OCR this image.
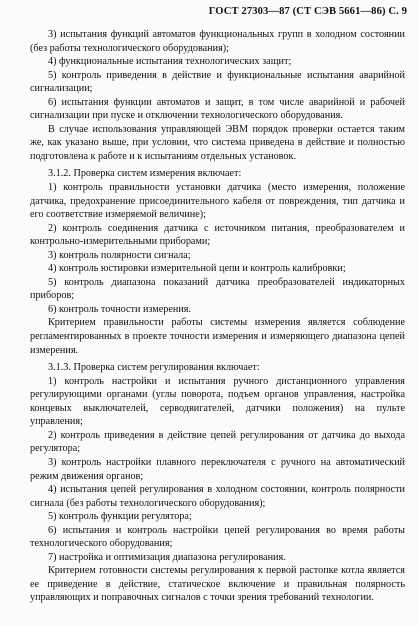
ГОСТ 27303—87 (СТ СЭВ 5661—86) С. 9

3) испытания функций автоматов функциональных групп в холодном состоянии (без работы технологического оборудования);

4) функциональные испытания технологических защит;

5) контроль приведения в действие и функциональные испытания аварийной сигнализации;

6) испытания функции автоматов и защит, в том числе аварийной и рабочей сигнализации при пуске и отключении технологического оборудования.

В случае использования управляющей ЭВМ порядок проверки остается таким же, как указано выше, при условии, что система приведена в действие и полностью подготовлена к работе и к испытаниям отдельных установок.

3.1.2. Проверка систем измерения включает:

1) контроль правильности установки датчика (место измерения, положение датчика, предохранение присоединительного кабеля от повреждения, тип датчика и его соответствие измеряемой величине);

2) контроль соединения датчика с источником питания, преобразователем и контрольно-измерительными приборами;

3) контроль полярности сигнала;

4) контроль юстировки измерительной цепи и контроль калибровки;

5) контроль диапазона показаний датчика преобразователей индикаторных приборов;

6) контроль точности измерения.

Критерием правильности работы системы измерения является соблюдение регламентированных в проекте точности измерения и измеряющего диапазона цепей измерения.

3.1.3. Проверка систем регулирования включает:

1) контроль настройки и испытания ручного дистанционного управления регулирующими органами (углы поворота, подъем органов управления, настройка концевых выключателей, серводвигателей, датчики положения) на пульте управления;

2) контроль приведения в действие цепей регулирования от датчика до выхода регулятора;

3) контроль настройки плавного переключателя с ручного на автоматический режим движения органов;

4) испытания цепей регулирования в холодном состоянии, контроль полярности сигнала (без работы технологического оборудования);

5) контроль функции регулятора;

6) испытания и контроль настройки цепей регулирования во время работы технологического оборудования;

7) настройка и оптимизация диапазона регулирования.

Критерием готовности системы регулирования к первой растопке котла является ее приведение в действие, статическое включение и правильная полярность управляющих и поправочных сигналов с точки зрения требований технологии.
